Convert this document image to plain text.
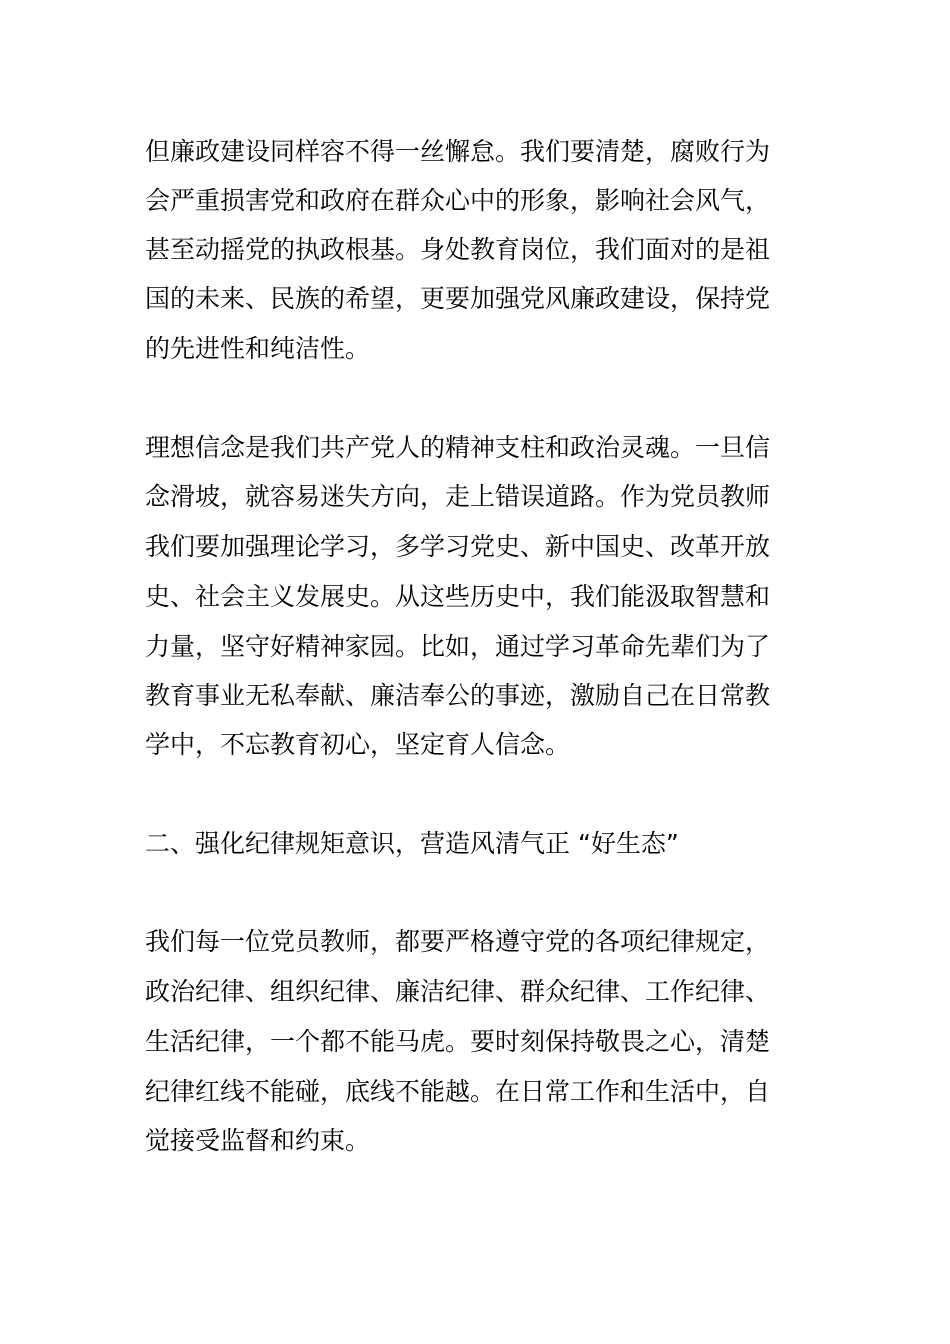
但廉政建设同样容不得一丝懈怠。我们要清楚，腐败行为
会严重损害党和政府在群众心中的形象，影响社会风气，
甚至动摇党的执政根基。身处教育岗位，我们面对的是祖
国的未来、民族的希望，更要加强党风廉政建设，保持党
的先进性和纯洁性。
理想信念是我们共产党人的精神支柱和政治灵魂。一旦信
念滑坡，就容易迷失方向，走上错误道路。作为党员教师
我们要加强理论学习，多学习党史、新中国史、改革开放
史、社会主义发展史。从这些历史中，我们能汲取智慧和
力量，坚守好精神家园。比如，通过学习革命先辈们为了
教育事业无私奉献、廉洁奉公的事迹，激励自己在日常教
学中，不忘教育初心，坚定育人信念。
二、强化纪律规矩意识，营造风清气正 “好生态”
我们每一位党员教师，都要严格遵守党的各项纪律规定，
政治纪律、组织纪律、廉洁纪律、群众纪律、工作纪律、
生活纪律，一个都不能马虎。要时刻保持敬畏之心，清楚
纪律红线不能碰，底线不能越。在日常工作和生活中，自
觉接受监督和约束。
